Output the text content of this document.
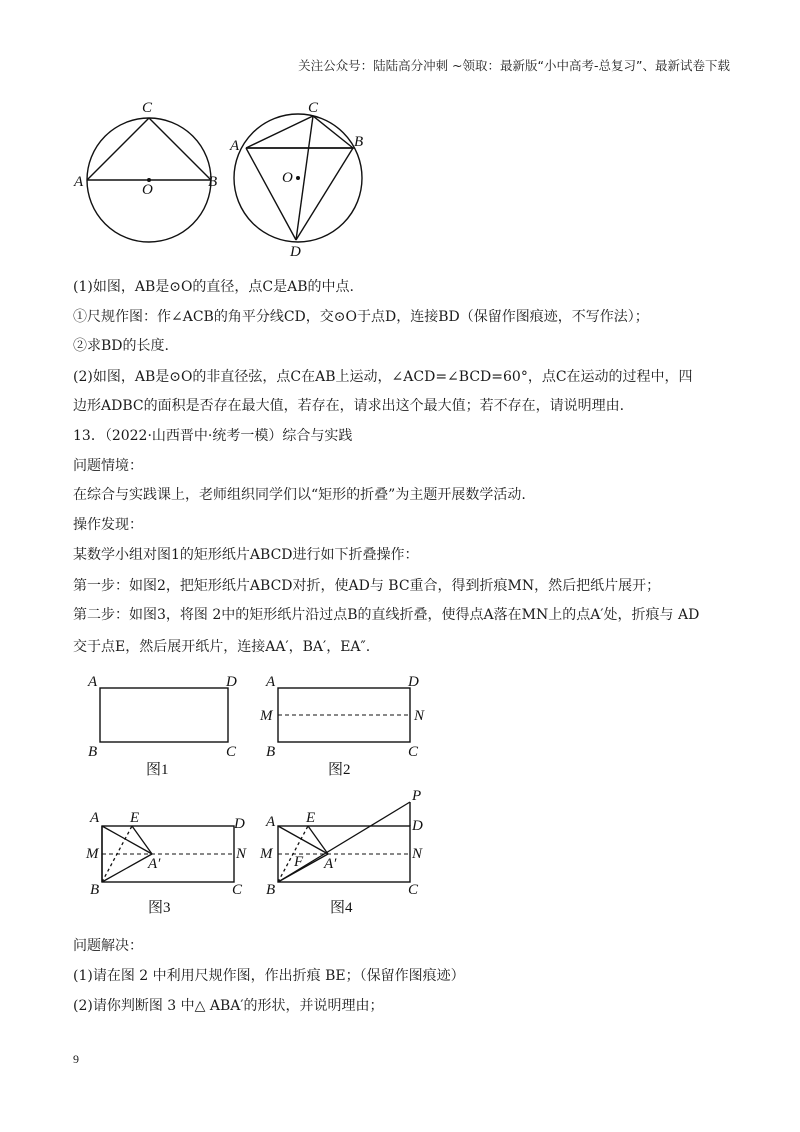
关注公众号：陆陆高分冲刺 ~领取：最新版“小中高考-总复习”、最新试卷下载
C
A	O	B
C
A	B
O
D
(1)如图，AB是⊙O的直径，点C是AB的中点.
①尺规作图：作∠ACB的角平分线CD，交⊙O于点D，连接BD（保留作图痕迹，不写作法）；
②求BD的长度.
(2)如图，AB是⊙O的非直径弦，点C在AB上运动，∠ACD=∠BCD=60°，点C在运动的过程中，四
边形ADBC的面积是否存在最大值，若存在，请求出这个最大值；若不存在，请说明理由.
13．（2022·山西晋中·统考一模）综合与实践
问题情境：
在综合与实践课上，老师组织同学们以“矩形的折叠”为主题开展数学活动.
操作发现：
某数学小组对图1的矩形纸片ABCD进行如下折叠操作：
第一步：如图2，把矩形纸片ABCD对折，使AD与 BC重合，得到折痕MN，然后把纸片展开；
第二步：如图3，将图 2中的矩形纸片沿过点B的直线折叠，使得点A落在MN上的点A′处，折痕与 AD
交于点E，然后展开纸片，连接AA′，BA′，EA″.
A	D
B	C
图1
A	D
M	N
B	C
图2
A E	D
M
A′
N
B	C
图3
P
A E	D
M F A′
N
B	C
图4
问题解决：
(1)请在图 2 中利用尺规作图，作出折痕 BE；（保留作图痕迹）
(2)请你判断图 3 中△ ABA′的形状，并说明理由；
9
